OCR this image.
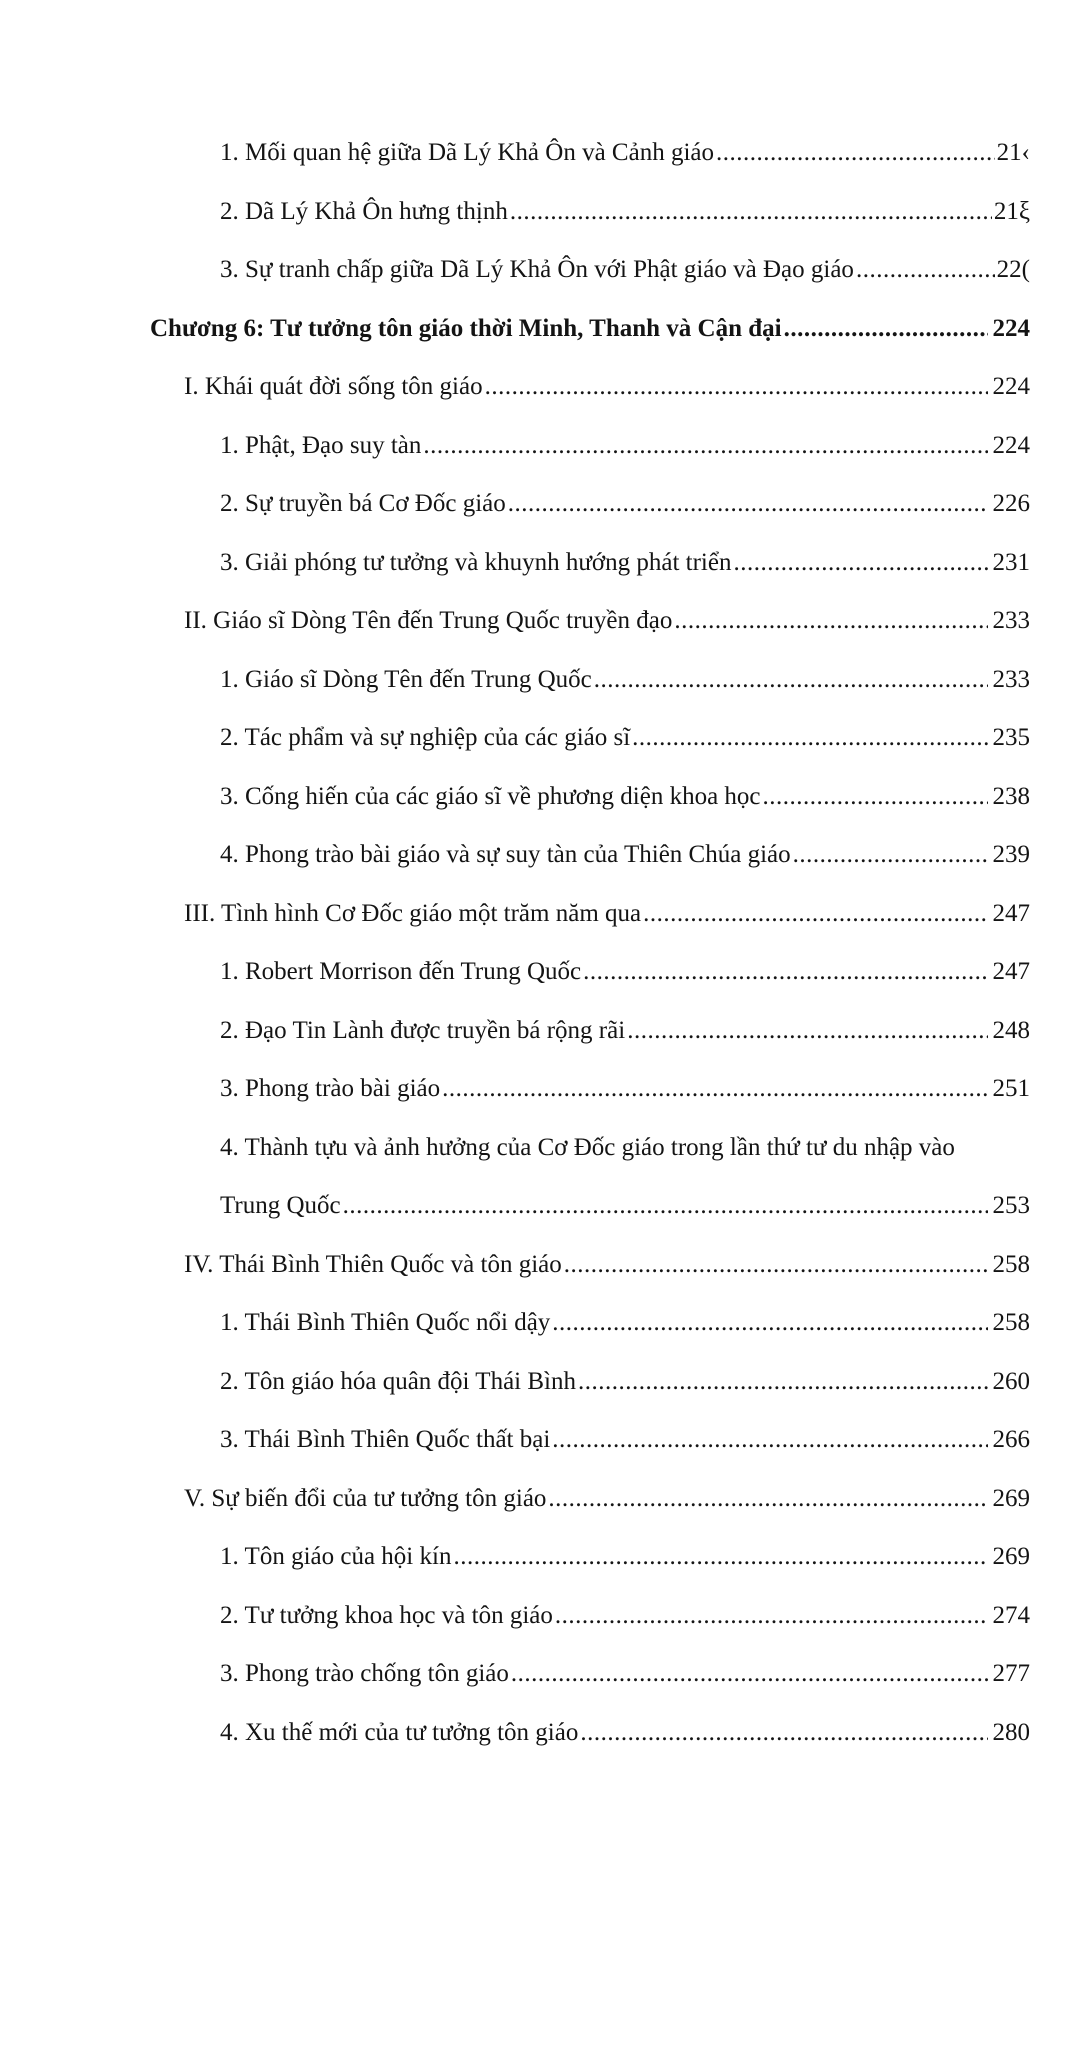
1. Mối quan hệ giữa Dã Lý Khả Ôn và Cảnh giáo .....	21‹
2. Dã Lý Khả Ôn hưng thịnh .....	21ξ
3. Sự tranh chấp giữa Dã Lý Khả Ôn với Phật giáo và Đạo giáo .....	22(
Chương 6: Tư tưởng tôn giáo thời Minh, Thanh và Cận đại .....	224
I. Khái quát đời sống tôn giáo .....	224
1. Phật, Đạo suy tàn .....	224
2. Sự truyền bá Cơ Đốc giáo .....	226
3. Giải phóng tư tưởng và khuynh hướng phát triển .....	231
II. Giáo sĩ Dòng Tên đến Trung Quốc truyền đạo .....	233
1. Giáo sĩ Dòng Tên đến Trung Quốc .....	233
2. Tác phẩm và sự nghiệp của các giáo sĩ .....	235
3. Cống hiến của các giáo sĩ về phương diện khoa học .....	238
4. Phong trào bài giáo và sự suy tàn của Thiên Chúa giáo .....	239
III. Tình hình Cơ Đốc giáo một trăm năm qua .....	247
1. Robert Morrison đến Trung Quốc .....	247
2. Đạo Tin Lành được truyền bá rộng rãi .....	248
3. Phong trào bài giáo .....	251
4. Thành tựu và ảnh hưởng của Cơ Đốc giáo trong lần thứ tư du nhập vào
Trung Quốc .....	253
IV. Thái Bình Thiên Quốc và tôn giáo .....	258
1. Thái Bình Thiên Quốc nổi dậy .....	258
2. Tôn giáo hóa quân đội Thái Bình .....	260
3. Thái Bình Thiên Quốc thất bại .....	266
V. Sự biến đổi của tư tưởng tôn giáo .....	269
1. Tôn giáo của hội kín .....	269
2. Tư tưởng khoa học và tôn giáo .....	274
3. Phong trào chống tôn giáo .....	277
4. Xu thế mới của tư tưởng tôn giáo .....	280
